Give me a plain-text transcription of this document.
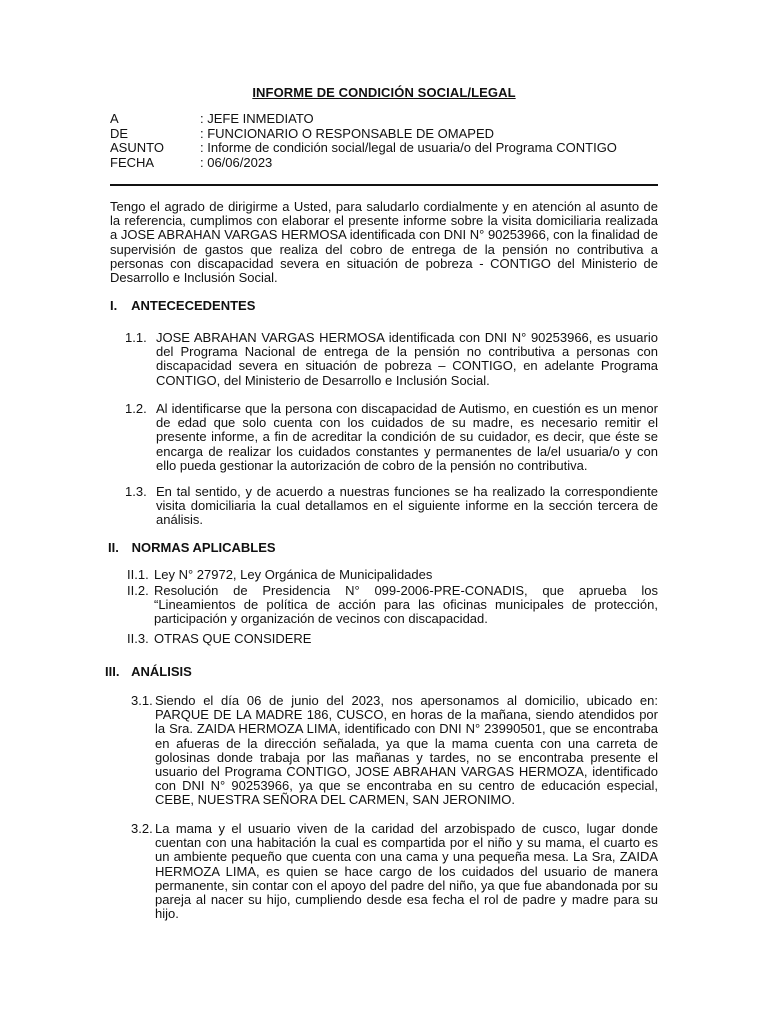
INFORME DE CONDICIÓN SOCIAL/LEGAL
A	: JEFE INMEDIATO
DE	: FUNCIONARIO O RESPONSABLE DE OMAPED
ASUNTO	: Informe de condición social/legal de usuaria/o del Programa CONTIGO
FECHA	: 06/06/2023
Tengo el agrado de dirigirme a Usted, para saludarlo cordialmente y en atención al asunto de la referencia, cumplimos con elaborar el presente informe sobre la visita domiciliaria realizada a JOSE ABRAHAN VARGAS HERMOSA identificada con DNI N° 90253966, con la finalidad de supervisión de gastos que realiza del cobro de entrega de la pensión no contributiva a personas con discapacidad severa en situación de pobreza - CONTIGO del Ministerio de Desarrollo e Inclusión Social.
I. ANTECECEDENTES
1.1. JOSE ABRAHAN VARGAS HERMOSA identificada con DNI N° 90253966, es usuario del Programa Nacional de entrega de la pensión no contributiva a personas con discapacidad severa en situación de pobreza – CONTIGO, en adelante Programa CONTIGO, del Ministerio de Desarrollo e Inclusión Social.
1.2. Al identificarse que la persona con discapacidad de Autismo, en cuestión es un menor de edad que solo cuenta con los cuidados de su madre, es necesario remitir el presente informe, a fin de acreditar la condición de su cuidador, es decir, que éste se encarga de realizar los cuidados constantes y permanentes de la/el usuaria/o y con ello pueda gestionar la autorización de cobro de la pensión no contributiva.
1.3. En tal sentido, y de acuerdo a nuestras funciones se ha realizado la correspondiente visita domiciliaria la cual detallamos en el siguiente informe en la sección tercera de análisis.
II. NORMAS APLICABLES
II.1. Ley N° 27972, Ley Orgánica de Municipalidades
II.2. Resolución de Presidencia N° 099-2006-PRE-CONADIS, que aprueba los “Lineamientos de política de acción para las oficinas municipales de protección, participación y organización de vecinos con discapacidad.
II.3. OTRAS QUE CONSIDERE
III. ANÁLISIS
3.1. Siendo el día 06 de junio del 2023, nos apersonamos al domicilio, ubicado en: PARQUE DE LA MADRE 186, CUSCO, en horas de la mañana, siendo atendidos por la Sra. ZAIDA HERMOZA LIMA, identificado con DNI N° 23990501, que se encontraba en afueras de la dirección señalada, ya que la mama cuenta con una carreta de golosinas donde trabaja por las mañanas y tardes, no se encontraba presente el usuario del Programa CONTIGO, JOSE ABRAHAN VARGAS HERMOZA, identificado con DNI N° 90253966, ya que se encontraba en su centro de educación especial, CEBE, NUESTRA SEÑORA DEL CARMEN, SAN JERONIMO.
3.2. La mama y el usuario viven de la caridad del arzobispado de cusco, lugar donde cuentan con una habitación la cual es compartida por el niño y su mama, el cuarto es un ambiente pequeño que cuenta con una cama y una pequeña mesa. La Sra, ZAIDA HERMOZA LIMA, es quien se hace cargo de los cuidados del usuario de manera permanente, sin contar con el apoyo del padre del niño, ya que fue abandonada por su pareja al nacer su hijo, cumpliendo desde esa fecha el rol de padre y madre para su hijo.
